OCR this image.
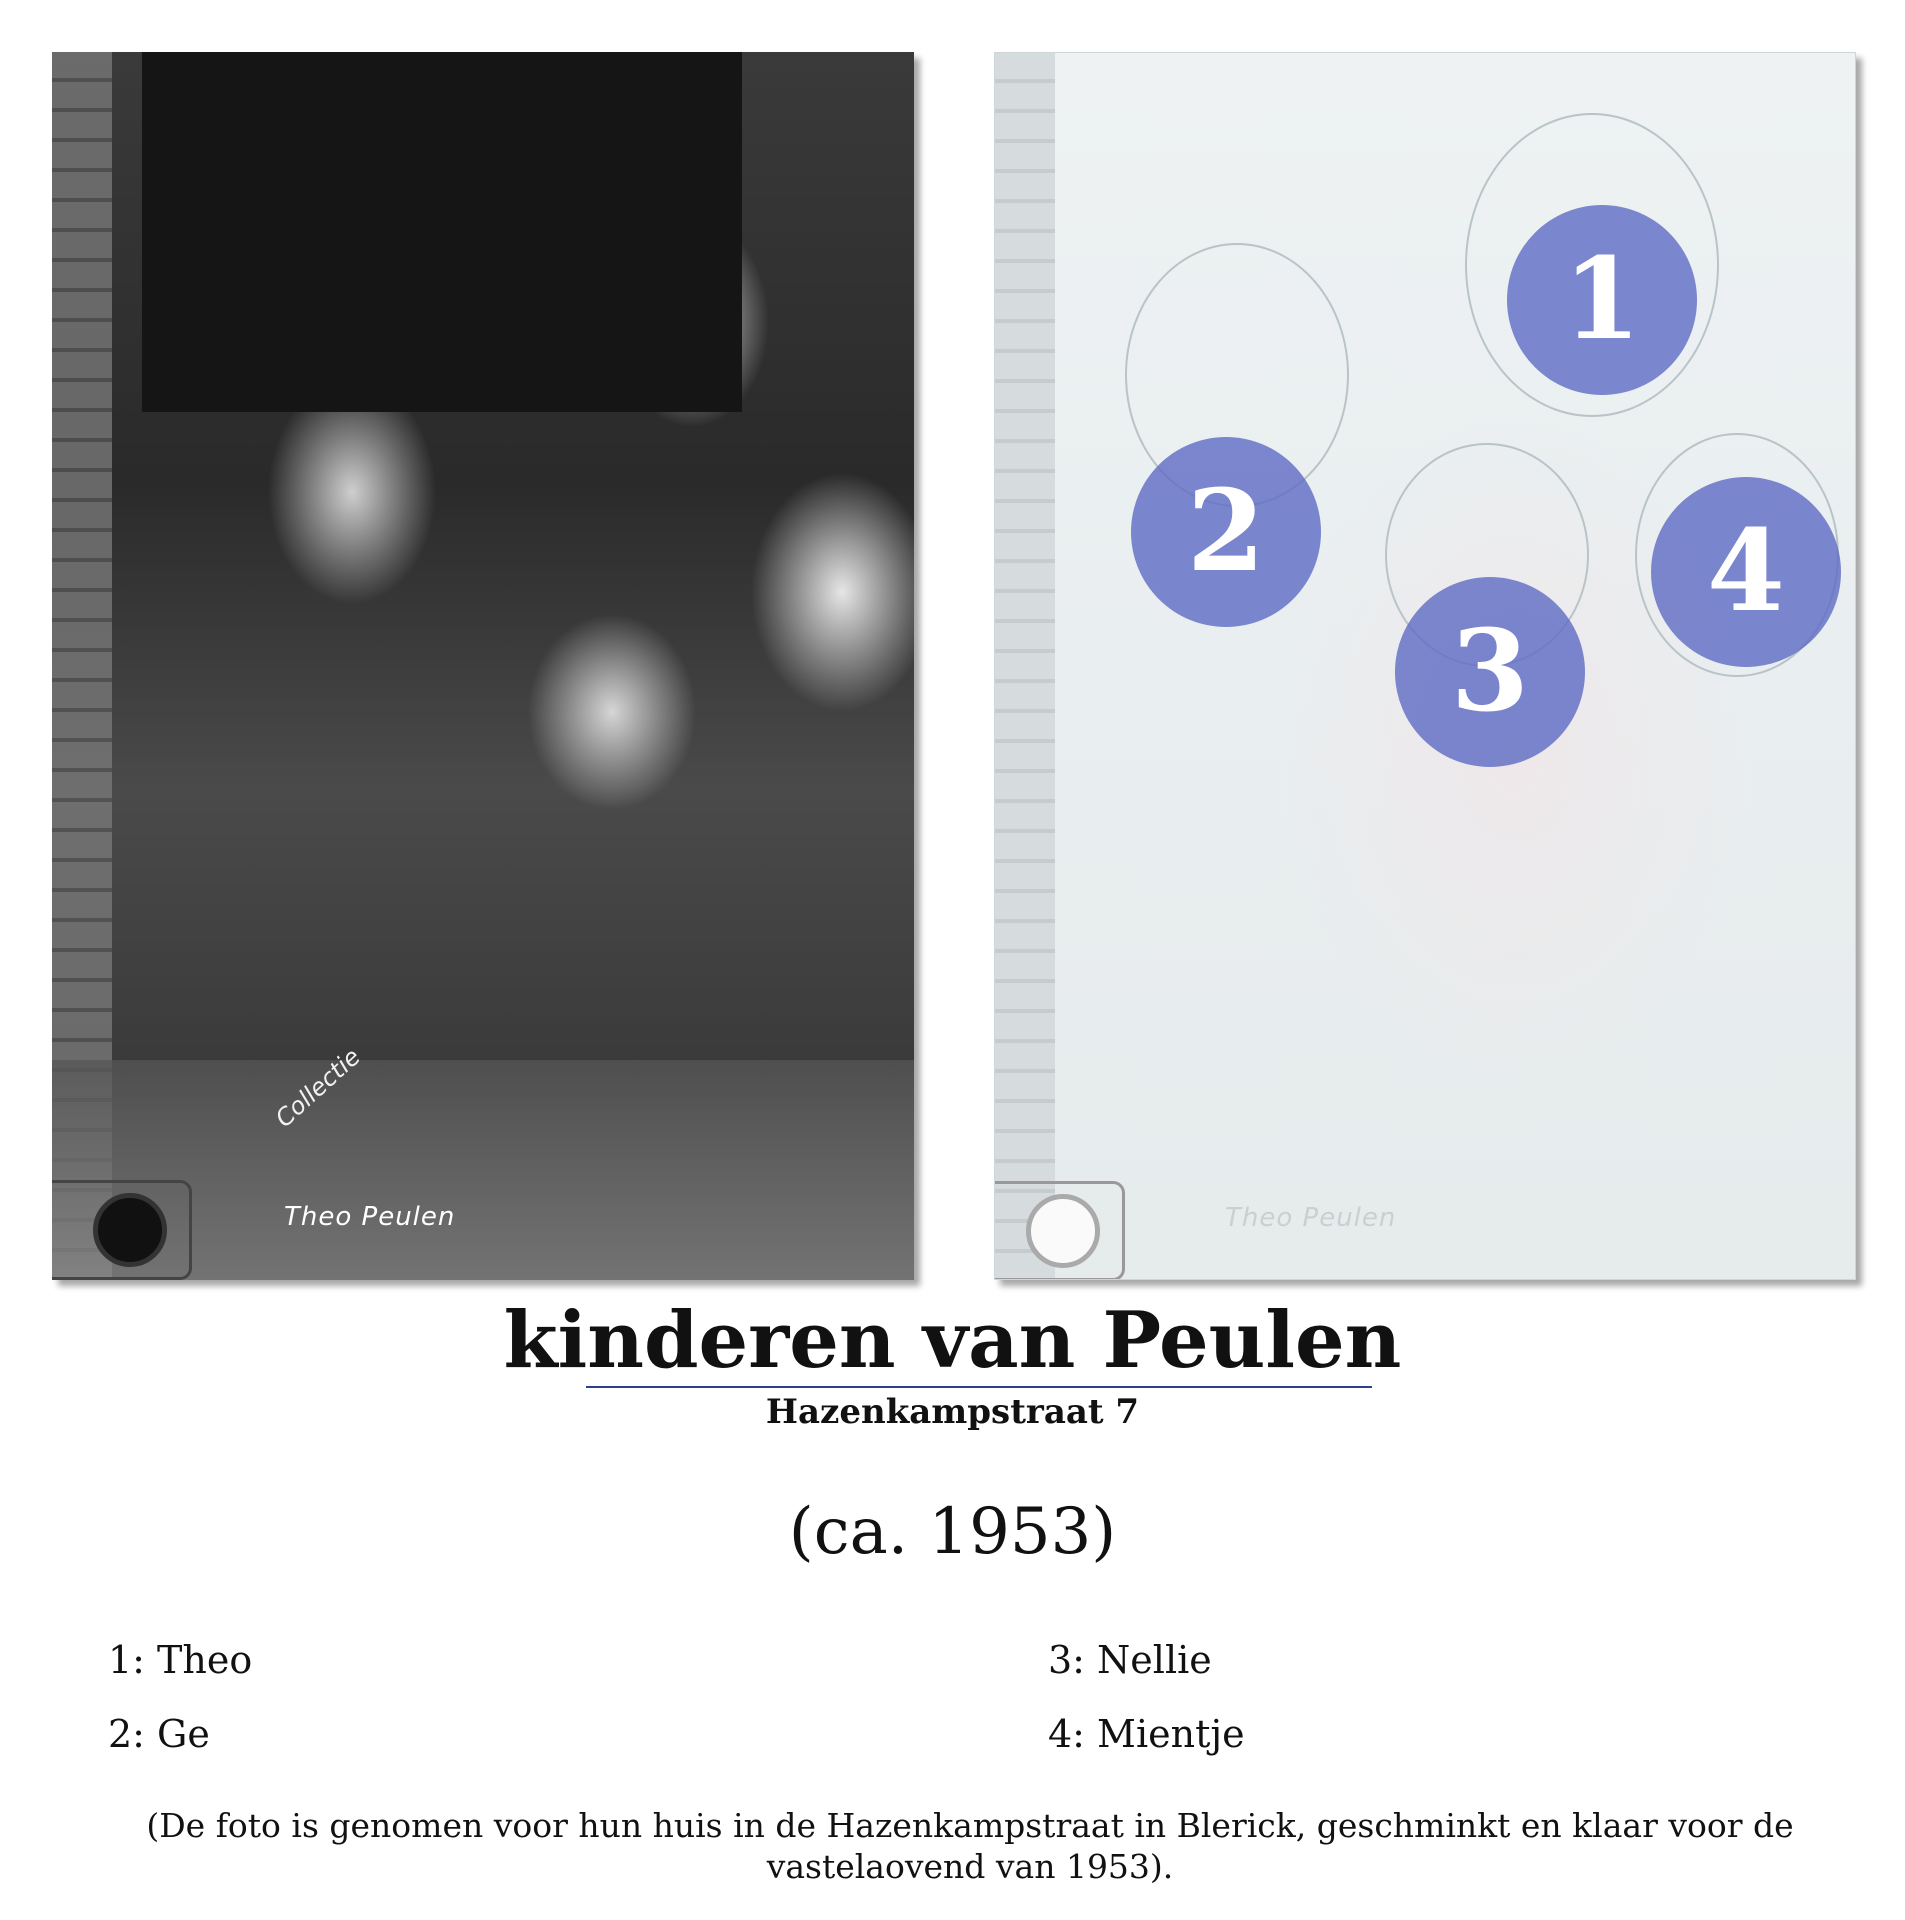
Collectie
Theo Peulen
1
2
3
4
Theo Peulen
kinderen van Peulen
Hazenkampstraat 7
(ca. 1953)
1: Theo
2: Ge
3: Nellie
4: Mientje
(De foto is genomen voor hun huis in de Hazenkampstraat in Blerick, geschminkt en klaar voor de vastelaovend van 1953).
